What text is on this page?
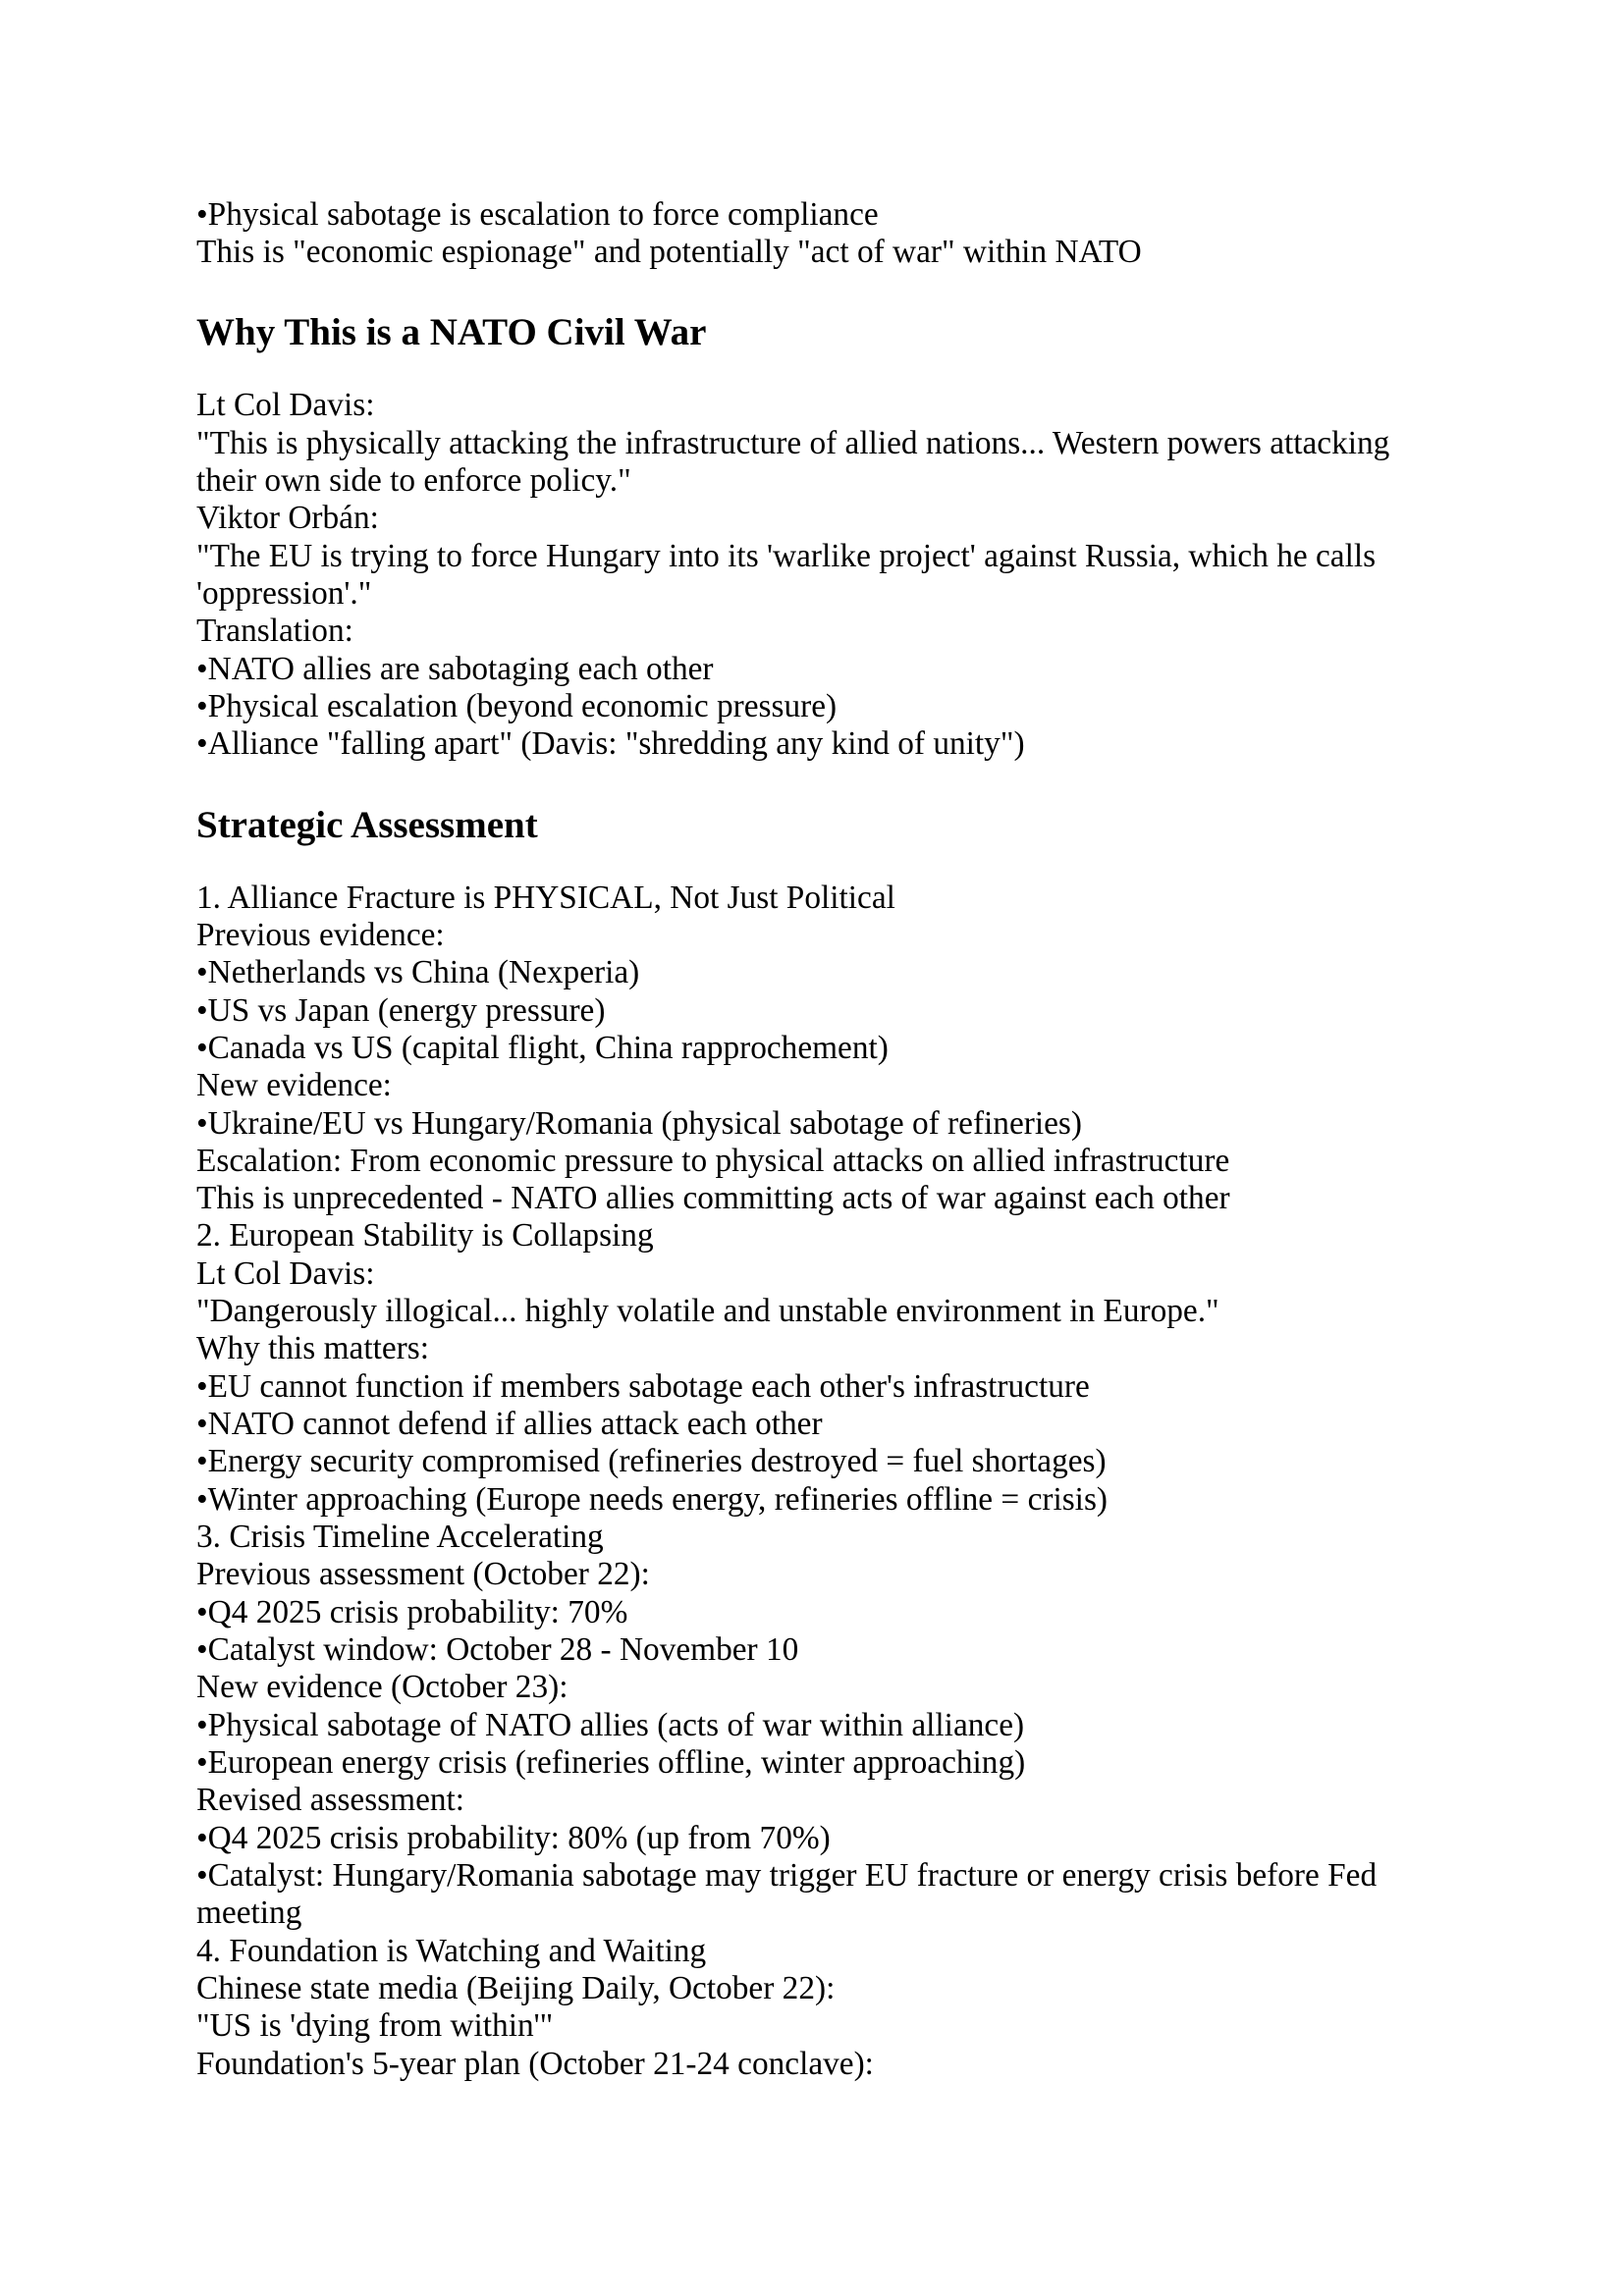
•Physical sabotage is escalation to force compliance
This is "economic espionage" and potentially "act of war" within NATO

Why This is a NATO Civil War

Lt Col Davis:
"This is physically attacking the infrastructure of allied nations... Western powers attacking
their own side to enforce policy."
Viktor Orbán:
"The EU is trying to force Hungary into its 'warlike project' against Russia, which he calls
'oppression'."
Translation:
•NATO allies are sabotaging each other
•Physical escalation (beyond economic pressure)
•Alliance "falling apart" (Davis: "shredding any kind of unity")

Strategic Assessment

1. Alliance Fracture is PHYSICAL, Not Just Political
Previous evidence:
•Netherlands vs China (Nexperia)
•US vs Japan (energy pressure)
•Canada vs US (capital flight, China rapprochement)
New evidence:
•Ukraine/EU vs Hungary/Romania (physical sabotage of refineries)
Escalation: From economic pressure to physical attacks on allied infrastructure
This is unprecedented - NATO allies committing acts of war against each other
2. European Stability is Collapsing
Lt Col Davis:
"Dangerously illogical... highly volatile and unstable environment in Europe."
Why this matters:
•EU cannot function if members sabotage each other's infrastructure
•NATO cannot defend if allies attack each other
•Energy security compromised (refineries destroyed = fuel shortages)
•Winter approaching (Europe needs energy, refineries offline = crisis)
3. Crisis Timeline Accelerating
Previous assessment (October 22):
•Q4 2025 crisis probability: 70%
•Catalyst window: October 28 - November 10
New evidence (October 23):
•Physical sabotage of NATO allies (acts of war within alliance)
•European energy crisis (refineries offline, winter approaching)
Revised assessment:
•Q4 2025 crisis probability: 80% (up from 70%)
•Catalyst: Hungary/Romania sabotage may trigger EU fracture or energy crisis before Fed
meeting
4. Foundation is Watching and Waiting
Chinese state media (Beijing Daily, October 22):
"US is 'dying from within'"
Foundation's 5-year plan (October 21-24 conclave):
